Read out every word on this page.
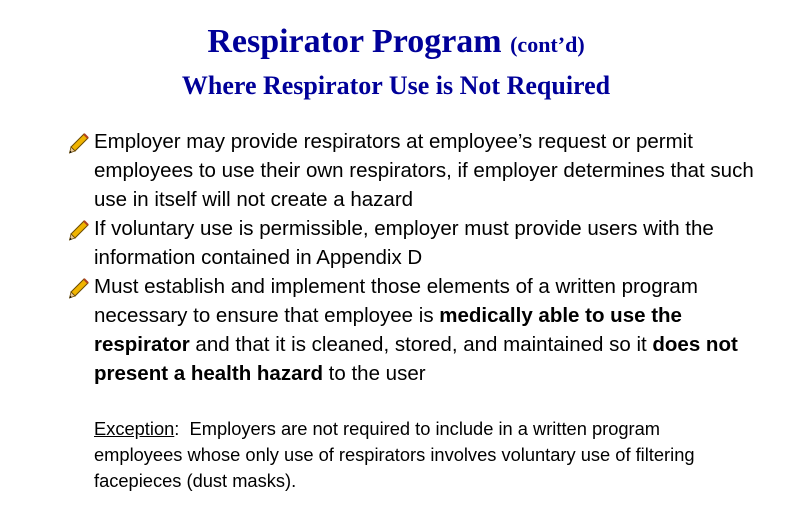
Respirator Program (cont’d)
Where Respirator Use is Not Required
Employer may provide respirators at employee’s request or permit employees to use their own respirators, if employer determines that such use in itself will not create a hazard
If voluntary use is permissible, employer must provide users with the information contained in Appendix D
Must establish and implement those elements of a written program necessary to ensure that employee is medically able to use the respirator and that it is cleaned, stored, and maintained so it does not present a health hazard to the user
Exception:  Employers are not required to include in a written program employees whose only use of respirators involves voluntary use of filtering facepieces (dust masks).
